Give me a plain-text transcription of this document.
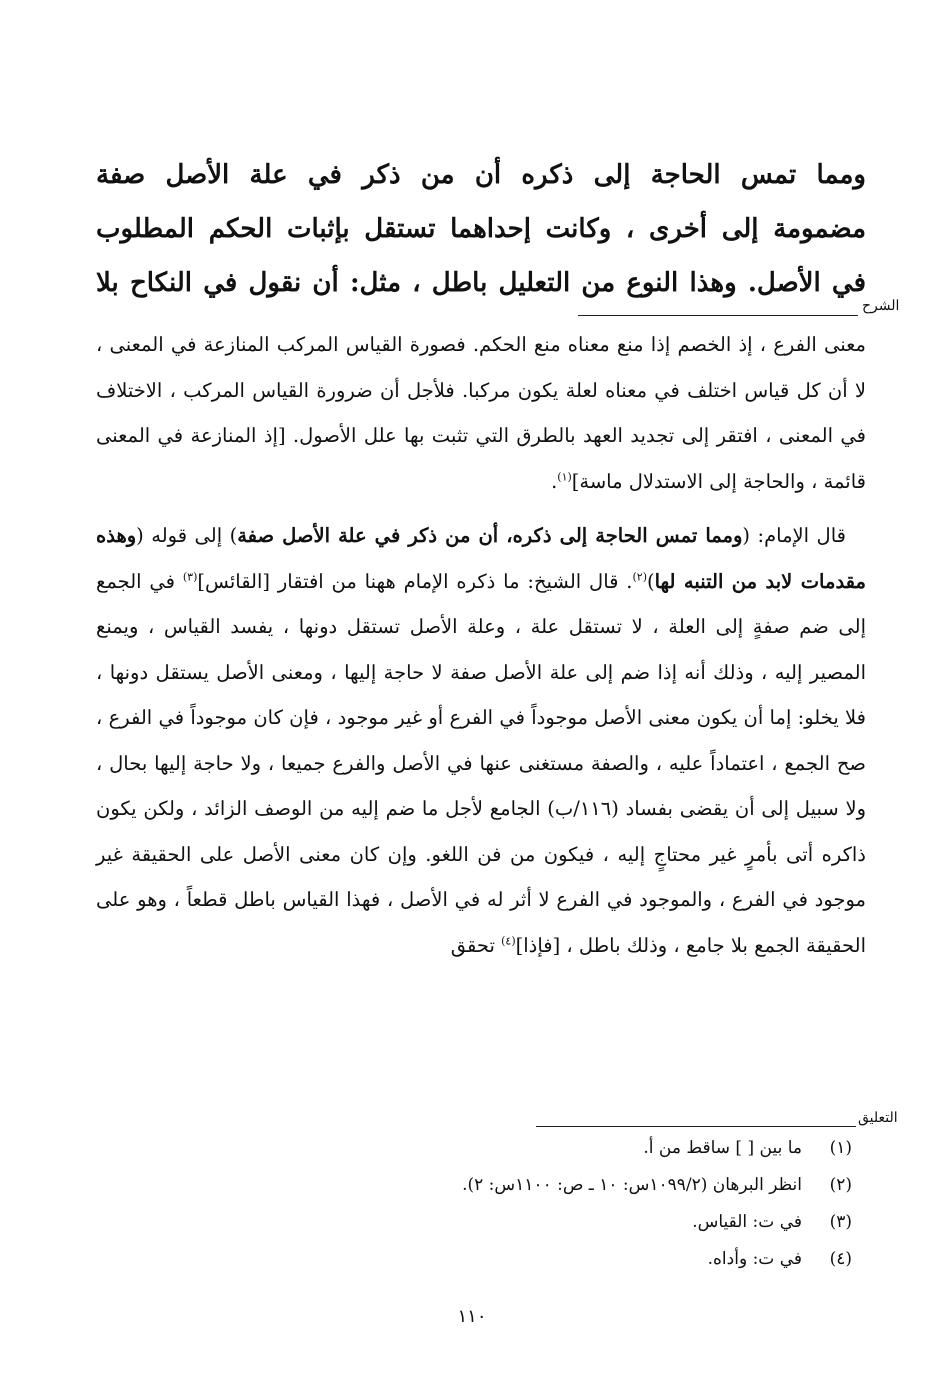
ومما تمس الحاجة إلى ذكره أن من ذكر في علة الأصل صفة
مضمومة إلى أخرى ، وكانت إحداهما تستقل بإثبات الحكم المطلوب
في الأصل. وهذا النوع من التعليل باطل ، مثل: أن نقول في النكاح بلا
الشرح

معنى الفرع ، إذ الخصم إذا منع معناه منع الحكم. فصورة القياس المركب المنازعة في المعنى ، لا أن كل قياس اختلف في معناه لعلة يكون مركبا. فلأجل أن ضرورة القياس المركب ، الاختلاف في المعنى ، افتقر إلى تجديد العهد بالطرق التي تثبت بها علل الأصول. [إذ المنازعة في المعنى قائمة ، والحاجة إلى الاستدلال ماسة]$^{(١)}$.

قال الإمام: (ومما تمس الحاجة إلى ذكره، أن من ذكر في علة الأصل صفة) إلى قوله (وهذه مقدمات لابد من التنبه لها)$^{(٢)}$. قال الشيخ: ما ذكره الإمام ههنا من افتقار [القائس]$^{(٣)}$ في الجمع إلى ضم صفةٍ إلى العلة ، لا تستقل علة ، وعلة الأصل تستقل دونها ، يفسد القياس ، ويمنع المصير إليه ، وذلك أنه إذا ضم إلى علة الأصل صفة لا حاجة إليها ، ومعنى الأصل يستقل دونها ، فلا يخلو: إما أن يكون معنى الأصل موجوداً في الفرع أو غير موجود ، فإن كان موجوداً في الفرع ، صح الجمع ، اعتماداً عليه ، والصفة مستغنى عنها في الأصل والفرع جميعا ، ولا حاجة إليها بحال ، ولا سبيل إلى أن يقضى بفساد (١١٦/ب) الجامع لأجل ما ضم إليه من الوصف الزائد ، ولكن يكون ذاكره أتى بأمرٍ غير محتاجٍ إليه ، فيكون من فن اللغو. وإن كان معنى الأصل على الحقيقة غير موجود في الفرع ، والموجود في الفرع لا أثر له في الأصل ، فهذا القياس باطل قطعاً ، وهو على الحقيقة الجمع بلا جامع ، وذلك باطل ، [فإذا]$^{(٤)}$ تحقق

التعليق
(١)
ما بين [ ] ساقط من أ.
(٢)
انظر البرهان (١٠٩٩/٢س: ١٠ ـ ص: ١١٠٠س: ٢).
(٣)
في ت: القياس.
(٤)
في ت: وأداه.
١١٠
